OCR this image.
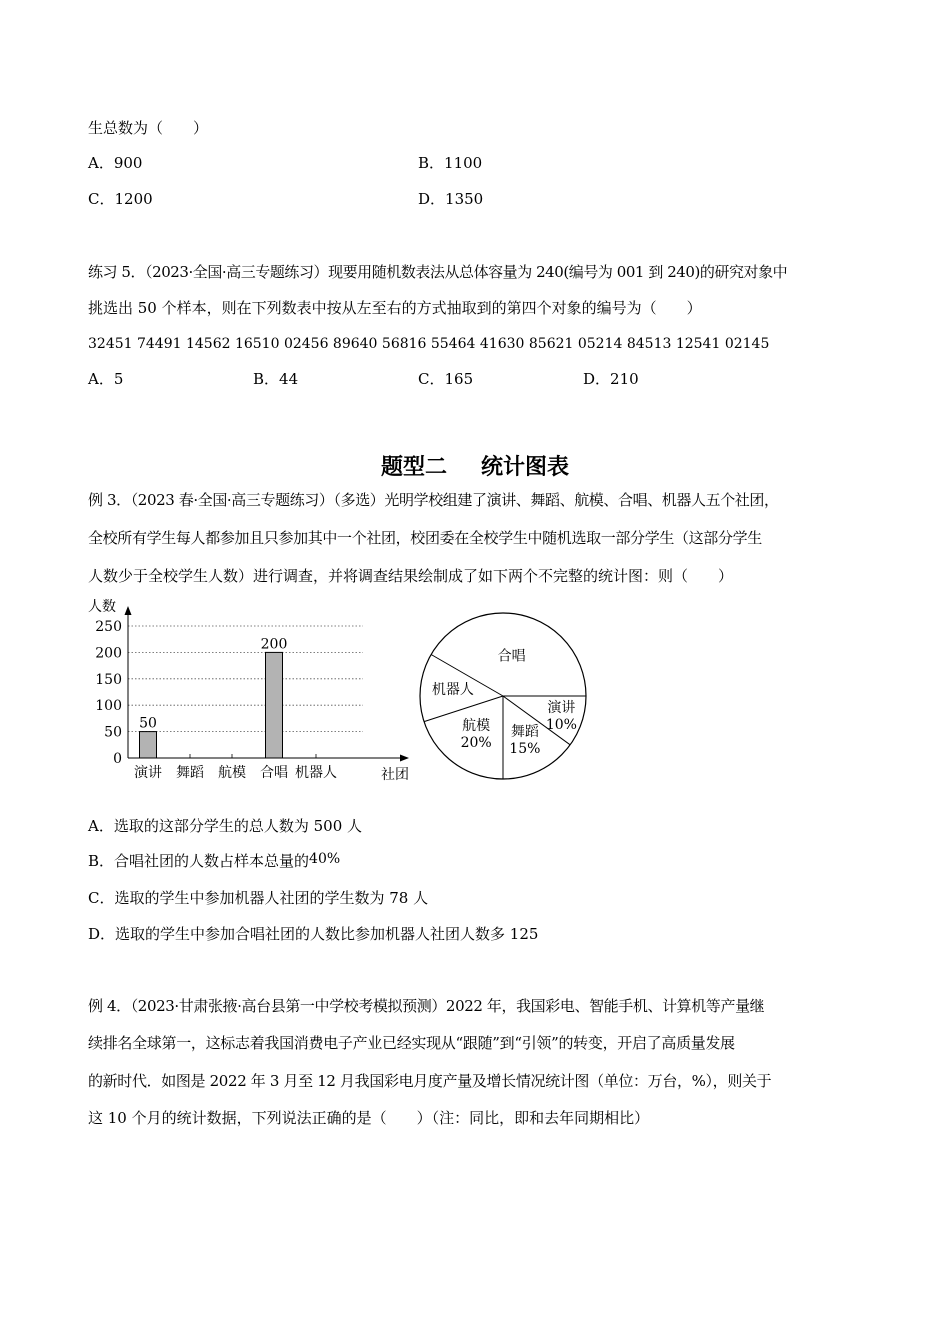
生总数为（　　）
A．900	B．1100
C．1200	D．1350
练习 5．（2023·全国·高三专题练习）现要用随机数表法从总体容量为 240(编号为 001 到 240)的研究对象中
挑选出 50 个样本，则在下列数表中按从左至右的方式抽取到的第四个对象的编号为（　　）
32451 74491 14562 16510 02456 89640 56816 55464 41630 85621 05214 84513 12541 02145
A．5	B．44	C．165	D．210
题型二 统计图表
例 3．（2023 春·全国·高三专题练习）（多选）光明学校组建了演讲、舞蹈、航模、合唱、机器人五个社团，
全校所有学生每人都参加且只参加其中一个社团，校团委在全校学生中随机选取一部分学生（这部分学生
人数少于全校学生人数）进行调查，并将调查结果绘制成了如下两个不完整的统计图：则（　　）
0
50
100
150
200
250
人数
社团
演讲
50
舞蹈 航模 合唱
200
机器人
合唱
演讲
10%
舞蹈
15%
航模
20%
机器人
A．选取的这部分学生的总人数为 500 人
B．合唱社团的人数占样本总量的40%
C．选取的学生中参加机器人社团的学生数为 78 人
D．选取的学生中参加合唱社团的人数比参加机器人社团人数多 125
例 4．（2023·甘肃张掖·高台县第一中学校考模拟预测）2022 年，我国彩电、智能手机、计算机等产量继
续排名全球第一，这标志着我国消费电子产业已经实现从“跟随”到“引领”的转变，开启了高质量发展
的新时代．如图是 2022 年 3 月至 12 月我国彩电月度产量及增长情况统计图（单位：万台，%），则关于
这 10 个月的统计数据，下列说法正确的是（　　）（注：同比，即和去年同期相比）
